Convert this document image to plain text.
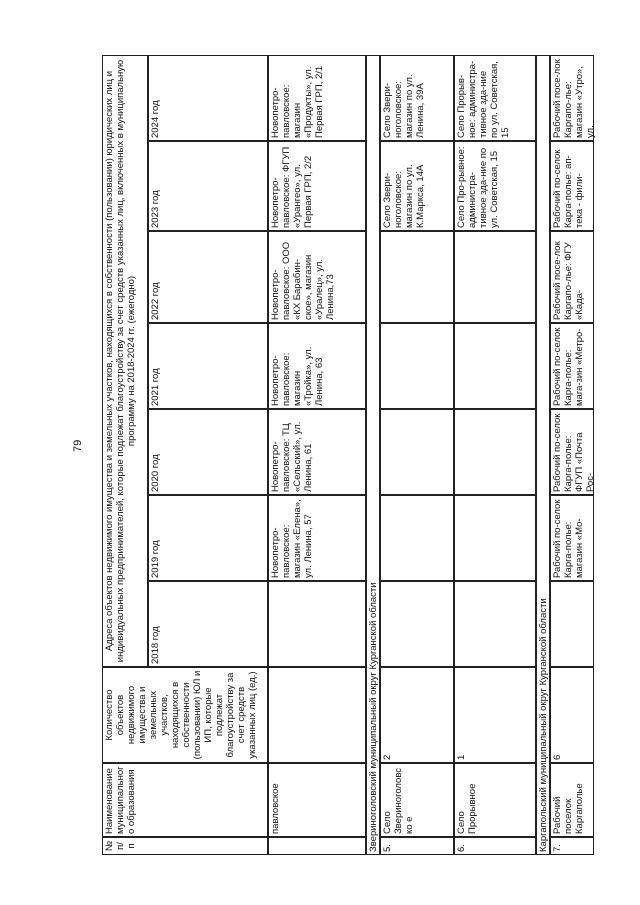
79
№ п/п
Наименование муниципального образования
Количество объектов недвижимого имущества и земельных участков, находящихся в собственности (пользовании) ЮЛ и ИП, которые подлежат благоустройству за счет средств указанных лиц (ед.)
Адреса объектов недвижимого имущества и земельных участков, находящихся в собственности (пользовании) юридических лиц и индивидуальных предпринимателей, которые подлежат благоустройству за счет средств указанных лиц, включенных в муниципальную программу на 2018-2024 гг. (ежегодно)
2018 год
2019 год
2020 год
2021 год
2022 год
2023 год
2024 год
павловское
Новопетро-павловское: магазин «Елена», ул. Ленина, 57
Новопетро-павловское: ТЦ «Сельский», ул. Ленина, 61
Новопетро-павловское: магазин «Тройка», ул. Ленина, 63
Новопетро-павловское: ООО «КХ Барабин-ское», магазин «Уралец», ул. Ленина,73
Новопетро-павловское: ФГУП «Урангео», ул. Первая ГРП, 2/2
Новопетро-павловское: магазин «Продукты», ул. Первая ГРП, 2/1
Звериноголовский муниципальный округ Курганской области 5.
Село Звериноголовско е
2
Село Звери-ноголовское: магазин по ул. К.Маркса, 14А
Село Звери-ноголовское: магазин по ул. Ленина, 39А
6.
Село Прорывное
1
Село Про-рывное: администра-тивное зда-ние по ул. Советская, 15
Село Прорыв-ное: администра-тивное зда-ние по ул. Советская, 15
Каргапольский муниципальный округ Курганской области 7.
Рабочий поселок Каргаполье
6
Рабочий по-селок Карга-полье: магазин «Мо-
Рабочий по-селок Карга-полье: ФГУП «Почта Рос-
Рабочий по-селок Карга-полье: мага-зин «Метро-
Рабочий посе-лок Каргапо-лье: ФГУ «Када-
Рабочий по-селок Карга-полье: ап-тека - фили-
Рабочий посе-лок Каргапо-лье: магазин «Утро», ул.
